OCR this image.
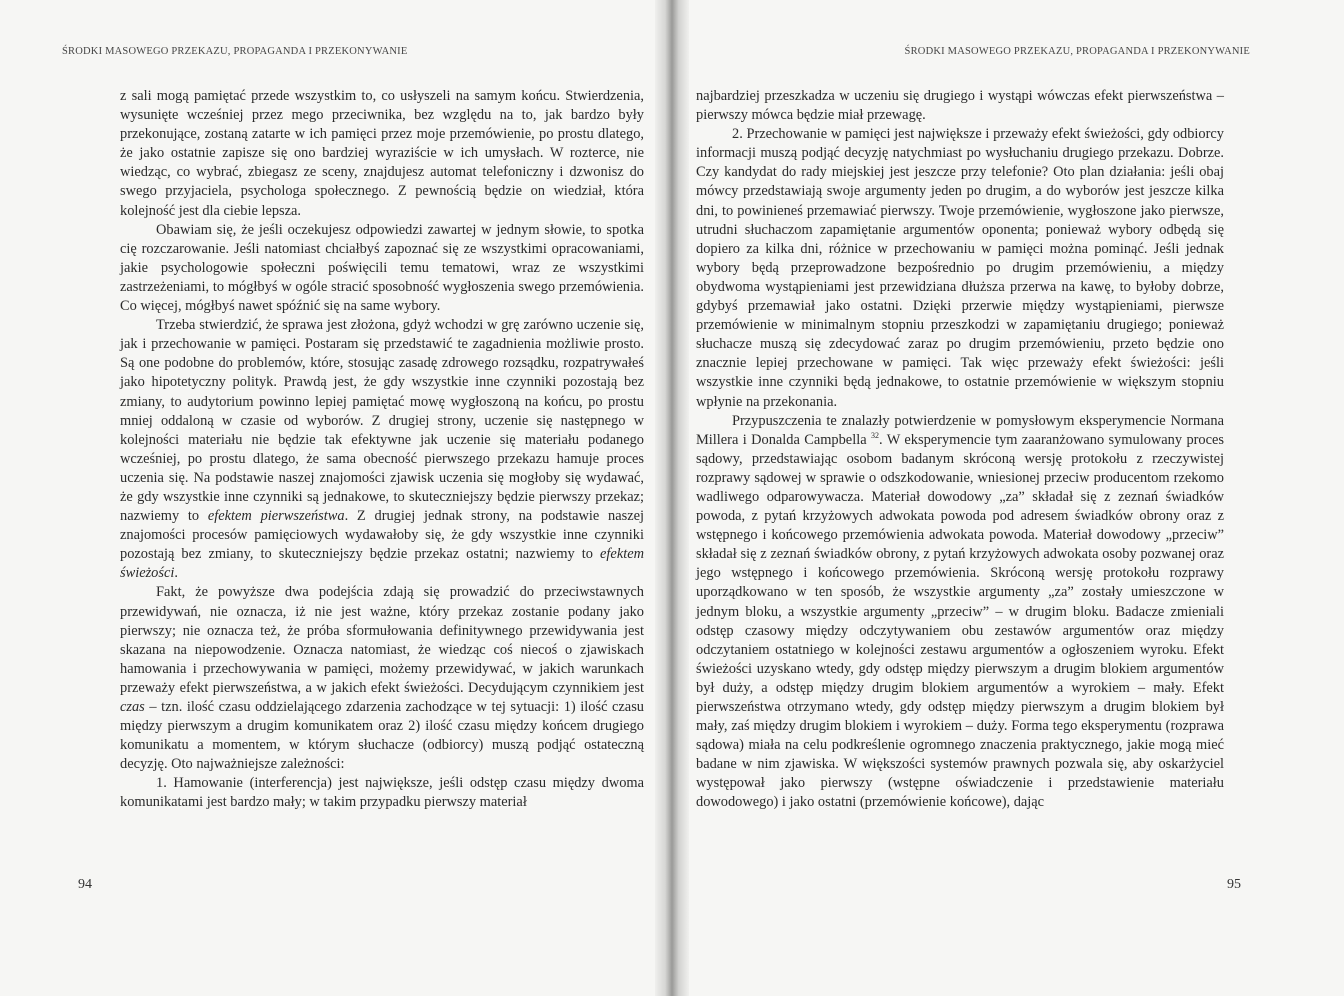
ŚRODKI MASOWEGO PRZEKAZU, PROPAGANDA I PRZEKONYWANIE

z sali mogą pamiętać przede wszystkim to, co usłyszeli na samym końcu. Stwierdzenia, wysunięte wcześniej przez mego przeciwnika, bez względu na to, jak bardzo były przekonujące, zostaną zatarte w ich pamięci przez moje przemówienie, po prostu dlatego, że jako ostatnie zapisze się ono bardziej wyraziście w ich umysłach. W rozterce, nie wiedząc, co wybrać, zbiegasz ze sceny, znajdujesz automat telefoniczny i dzwonisz do swego przyjaciela, psychologa społecznego. Z pewnością będzie on wiedział, która kolejność jest dla ciebie lepsza.

Obawiam się, że jeśli oczekujesz odpowiedzi zawartej w jednym słowie, to spotka cię rozczarowanie. Jeśli natomiast chciałbyś zapoznać się ze wszystkimi opracowaniami, jakie psychologowie społeczni poświęcili temu tematowi, wraz ze wszystkimi zastrzeżeniami, to mógłbyś w ogóle stracić sposobność wygłoszenia swego przemówienia. Co więcej, mógłbyś nawet spóźnić się na same wybory.

Trzeba stwierdzić, że sprawa jest złożona, gdyż wchodzi w grę zarówno uczenie się, jak i przechowanie w pamięci. Postaram się przedstawić te zagadnienia możliwie prosto. Są one podobne do problemów, które, stosując zasadę zdrowego rozsądku, rozpatrywałeś jako hipotetyczny polityk. Prawdą jest, że gdy wszystkie inne czynniki pozostają bez zmiany, to audytorium powinno lepiej pamiętać mowę wygłoszoną na końcu, po prostu mniej oddaloną w czasie od wyborów. Z drugiej strony, uczenie się następnego w kolejności materiału nie będzie tak efektywne jak uczenie się materiału podanego wcześniej, po prostu dlatego, że sama obecność pierwszego przekazu hamuje proces uczenia się. Na podstawie naszej znajomości zjawisk uczenia się mogłoby się wydawać, że gdy wszystkie inne czynniki są jednakowe, to skuteczniejszy będzie pierwszy przekaz; nazwiemy to efektem pierwszeństwa. Z drugiej jednak strony, na podstawie naszej znajomości procesów pamięciowych wydawałoby się, że gdy wszystkie inne czynniki pozostają bez zmiany, to skuteczniejszy będzie przekaz ostatni; nazwiemy to efektem świeżości.

Fakt, że powyższe dwa podejścia zdają się prowadzić do przeciwstawnych przewidywań, nie oznacza, iż nie jest ważne, który przekaz zostanie podany jako pierwszy; nie oznacza też, że próba sformułowania definitywnego przewidywania jest skazana na niepowodzenie. Oznacza natomiast, że wiedząc coś niecoś o zjawiskach hamowania i przechowywania w pamięci, możemy przewidywać, w jakich warunkach przeważy efekt pierwszeństwa, a w jakich efekt świeżości. Decydującym czynnikiem jest czas – tzn. ilość czasu oddzielającego zdarzenia zachodzące w tej sytuacji: 1) ilość czasu między pierwszym a drugim komunikatem oraz 2) ilość czasu między końcem drugiego komunikatu a momentem, w którym słuchacze (odbiorcy) muszą podjąć ostateczną decyzję. Oto najważniejsze zależności:

1. Hamowanie (interferencja) jest największe, jeśli odstęp czasu między dwoma komunikatami jest bardzo mały; w takim przypadku pierwszy materiał

94
ŚRODKI MASOWEGO PRZEKAZU, PROPAGANDA I PRZEKONYWANIE

najbardziej przeszkadza w uczeniu się drugiego i wystąpi wówczas efekt pierwszeństwa – pierwszy mówca będzie miał przewagę.

2. Przechowanie w pamięci jest największe i przeważy efekt świeżości, gdy odbiorcy informacji muszą podjąć decyzję natychmiast po wysłuchaniu drugiego przekazu. Dobrze. Czy kandydat do rady miejskiej jest jeszcze przy telefonie? Oto plan działania: jeśli obaj mówcy przedstawiają swoje argumenty jeden po drugim, a do wyborów jest jeszcze kilka dni, to powinieneś przemawiać pierwszy. Twoje przemówienie, wygłoszone jako pierwsze, utrudni słuchaczom zapamiętanie argumentów oponenta; ponieważ wybory odbędą się dopiero za kilka dni, różnice w przechowaniu w pamięci można pominąć. Jeśli jednak wybory będą przeprowadzone bezpośrednio po drugim przemówieniu, a między obydwoma wystąpieniami jest przewidziana dłuższa przerwa na kawę, to byłoby dobrze, gdybyś przemawiał jako ostatni. Dzięki przerwie między wystąpieniami, pierwsze przemówienie w minimalnym stopniu przeszkodzi w zapamiętaniu drugiego; ponieważ słuchacze muszą się zdecydować zaraz po drugim przemówieniu, przeto będzie ono znacznie lepiej przechowane w pamięci. Tak więc przeważy efekt świeżości: jeśli wszystkie inne czynniki będą jednakowe, to ostatnie przemówienie w większym stopniu wpłynie na przekonania.

Przypuszczenia te znalazły potwierdzenie w pomysłowym eksperymencie Normana Millera i Donalda Campbella $^{32}$. W eksperymencie tym zaaranżowano symulowany proces sądowy, przedstawiając osobom badanym skróconą wersję protokołu z rzeczywistej rozprawy sądowej w sprawie o odszkodowanie, wniesionej przeciw producentom rzekomo wadliwego odparowywacza. Materiał dowodowy „za” składał się z zeznań świadków powoda, z pytań krzyżowych adwokata powoda pod adresem świadków obrony oraz z wstępnego i końcowego przemówienia adwokata powoda. Materiał dowodowy „przeciw” składał się z zeznań świadków obrony, z pytań krzyżowych adwokata osoby pozwanej oraz jego wstępnego i końcowego przemówienia. Skróconą wersję protokołu rozprawy uporządkowano w ten sposób, że wszystkie argumenty „za” zostały umieszczone w jednym bloku, a wszystkie argumenty „przeciw” – w drugim bloku. Badacze zmieniali odstęp czasowy między odczytywaniem obu zestawów argumentów oraz między odczytaniem ostatniego w kolejności zestawu argumentów a ogłoszeniem wyroku. Efekt świeżości uzyskano wtedy, gdy odstęp między pierwszym a drugim blokiem argumentów był duży, a odstęp między drugim blokiem argumentów a wyrokiem – mały. Efekt pierwszeństwa otrzymano wtedy, gdy odstęp między pierwszym a drugim blokiem był mały, zaś między drugim blokiem i wyrokiem – duży. Forma tego eksperymentu (rozprawa sądowa) miała na celu podkreślenie ogromnego znaczenia praktycznego, jakie mogą mieć badane w nim zjawiska. W większości systemów prawnych pozwala się, aby oskarżyciel występował jako pierwszy (wstępne oświadczenie i przedstawienie materiału dowodowego) i jako ostatni (przemówienie końcowe), dając

95
